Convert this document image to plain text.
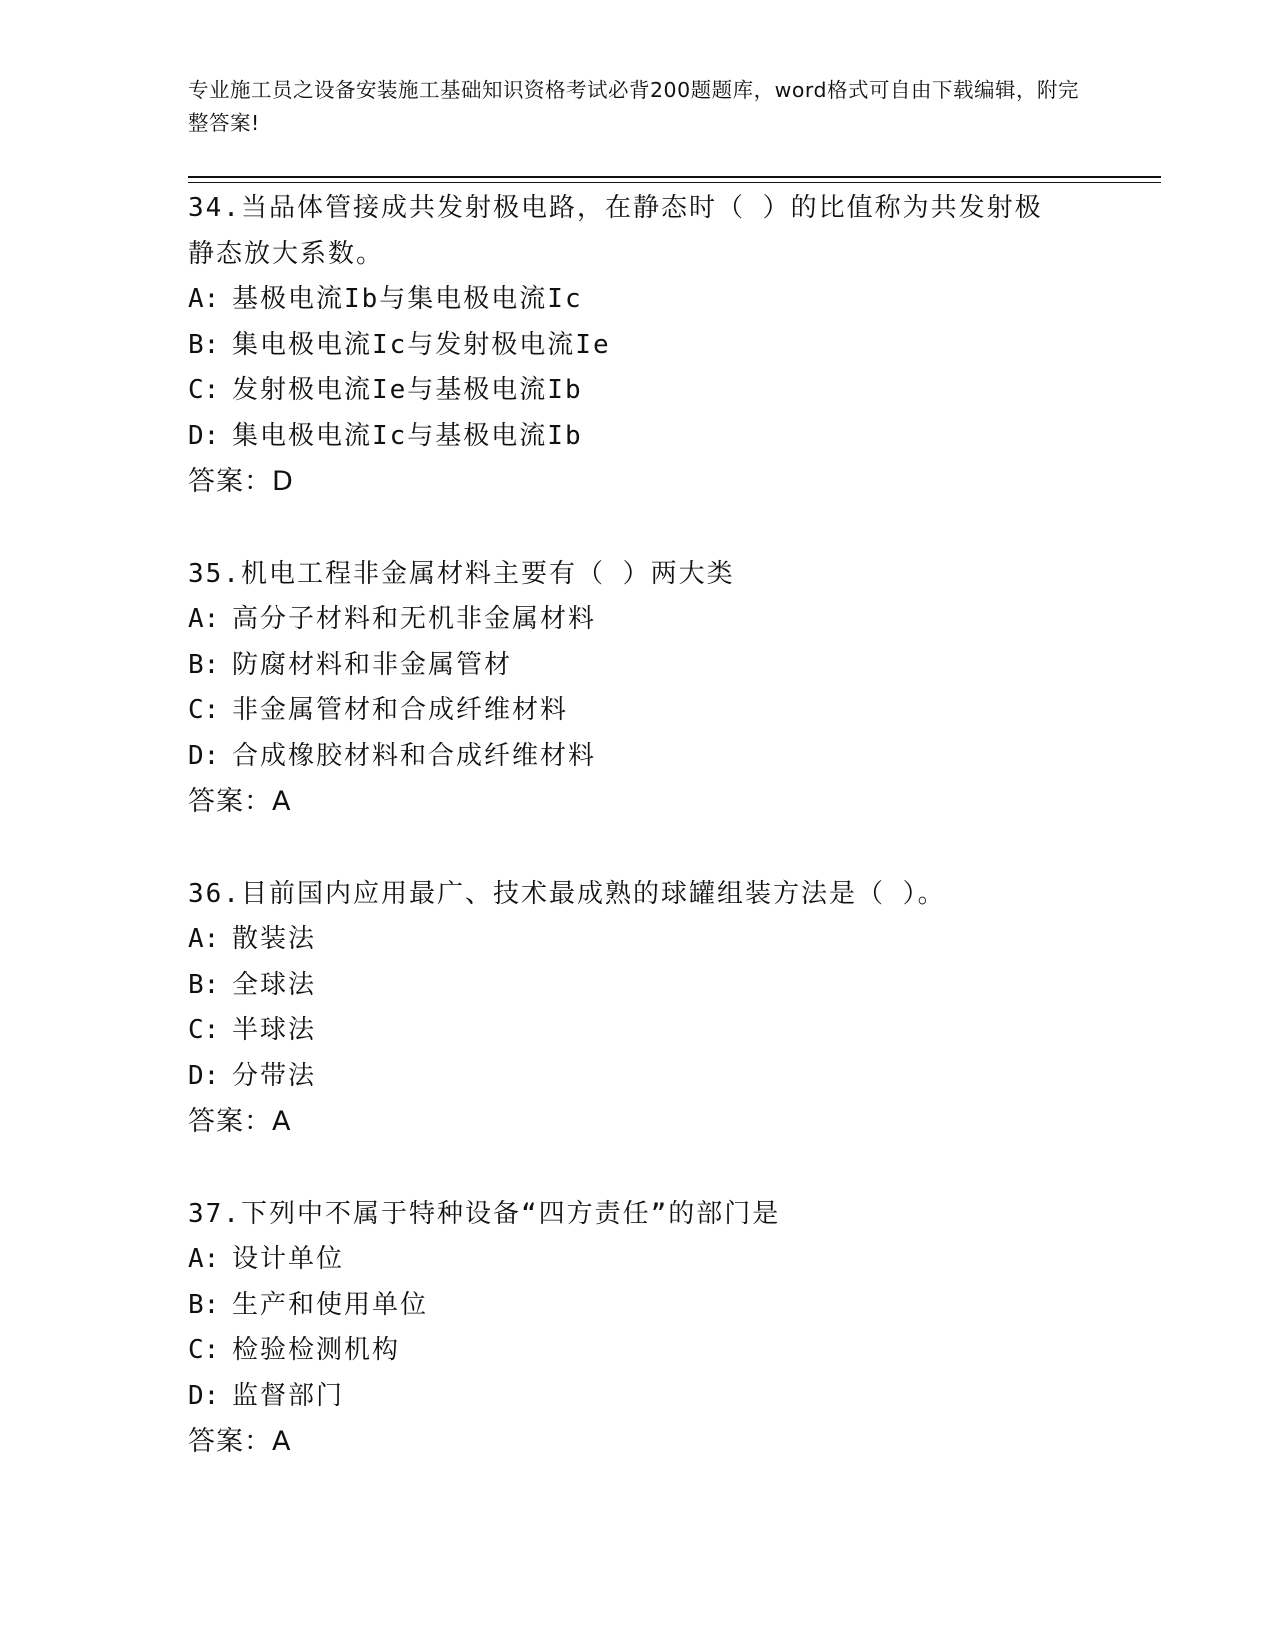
专业施工员之设备安装施工基础知识资格考试必背200题题库，word格式可自由下载编辑，附完整答案!
34.当品体管接成共发射极电路，在静态时（ ）的比值称为共发射极静态放大系数。
A: 基极电流Ib与集电极电流Ic
B: 集电极电流Ic与发射极电流Ie
C: 发射极电流Ie与基极电流Ib
D: 集电极电流Ic与基极电流Ib
答案：D
35.机电工程非金属材料主要有（ ）两大类
A: 高分子材料和无机非金属材料
B: 防腐材料和非金属管材
C: 非金属管材和合成纤维材料
D: 合成橡胶材料和合成纤维材料
答案：A
36.目前国内应用最广、技术最成熟的球罐组装方法是（ ）。
A: 散装法
B: 全球法
C: 半球法
D: 分带法
答案：A
37.下列中不属于特种设备“四方责任”的部门是
A: 设计单位
B: 生产和使用单位
C: 检验检测机构
D: 监督部门
答案：A
